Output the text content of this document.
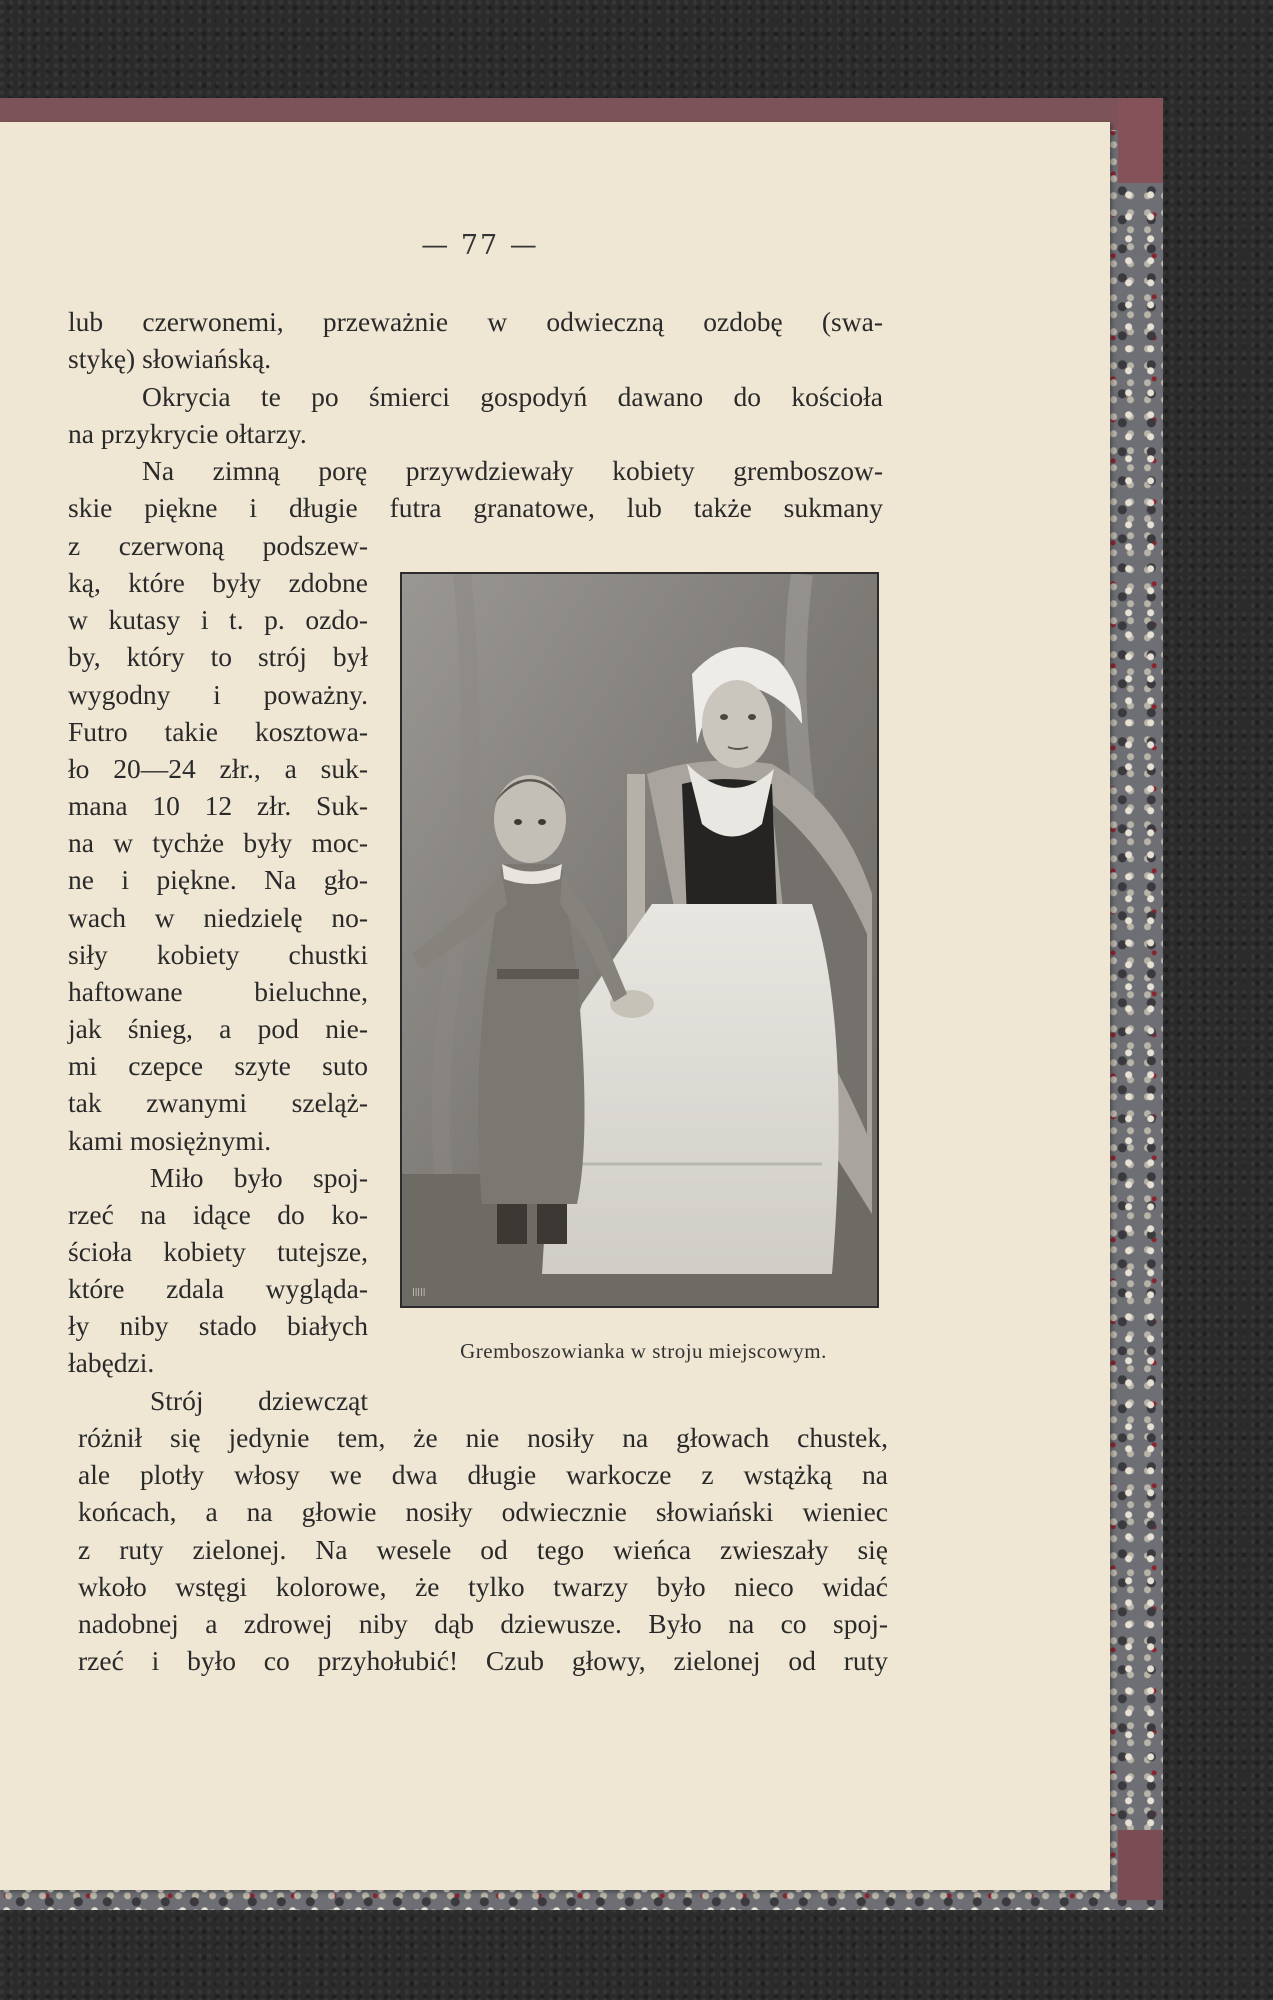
— 77 —
lub czerwonemi, przeważnie w odwieczną ozdobę (swa-
stykę) słowiańską.
Okrycia te po śmierci gospodyń dawano do kościoła
na przykrycie ołtarzy.
Na zimną porę przywdziewały kobiety gremboszow-
skie piękne i długie futra granatowe, lub także sukmany
z czerwoną podszew-
ką, które były zdobne
w kutasy i t. p. ozdo-
by, który to strój był
wygodny i poważny.
Futro takie kosztowa-
ło 20—24 złr., a suk-
mana 10 12 złr. Suk-
na w tychże były moc-
ne i piękne. Na gło-
wach w niedzielę no-
siły kobiety chustki
haftowane bieluchne,
jak śnieg, a pod nie-
mi czepce szyte suto
tak zwanymi szeląż-
kami mosiężnymi.
Miło było spoj-
rzeć na idące do ko-
ścioła kobiety tutejsze,
które zdala wygląda-
ły niby stado białych
łabędzi.
|||||
Gremboszowianka w stroju miejscowym.
Strój dziewcząt
różnił się jedynie tem, że nie nosiły na głowach chustek,
ale plotły włosy we dwa długie warkocze z wstążką na
końcach, a na głowie nosiły odwiecznie słowiański wieniec
z ruty zielonej. Na wesele od tego wieńca zwieszały się
wkoło wstęgi kolorowe, że tylko twarzy było nieco widać
nadobnej a zdrowej niby dąb dziewusze. Było na co spoj-
rzeć i było co przyhołubić! Czub głowy, zielonej od ruty
